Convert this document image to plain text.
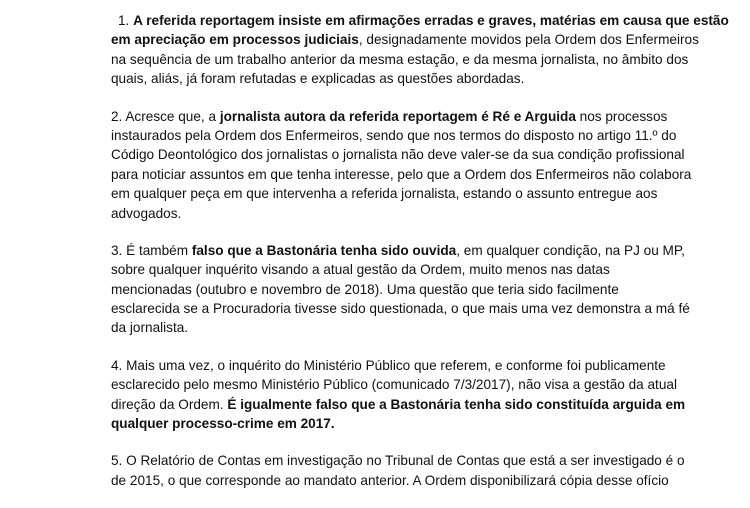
1. A referida reportagem insiste em afirmações erradas e graves, matérias em causa que estão
em apreciação em processos judiciais, designadamente movidos pela Ordem dos Enfermeiros
na sequência de um trabalho anterior da mesma estação, e da mesma jornalista, no âmbito dos
quais, aliás, já foram refutadas e explicadas as questões abordadas.
2. Acresce que, a jornalista autora da referida reportagem é Ré e Arguida nos processos
instaurados pela Ordem dos Enfermeiros, sendo que nos termos do disposto no artigo 11.º do
Código Deontológico dos jornalistas o jornalista não deve valer-se da sua condição profissional
para noticiar assuntos em que tenha interesse, pelo que a Ordem dos Enfermeiros não colabora
em qualquer peça em que intervenha a referida jornalista, estando o assunto entregue aos
advogados.
3. É também falso que a Bastonária tenha sido ouvida, em qualquer condição, na PJ ou MP,
sobre qualquer inquérito visando a atual gestão da Ordem, muito menos nas datas
mencionadas (outubro e novembro de 2018). Uma questão que teria sido facilmente
esclarecida se a Procuradoria tivesse sido questionada, o que mais uma vez demonstra a má fé
da jornalista.
4. Mais uma vez, o inquérito do Ministério Público que referem, e conforme foi publicamente
esclarecido pelo mesmo Ministério Público (comunicado 7/3/2017), não visa a gestão da atual
direção da Ordem. É igualmente falso que a Bastonária tenha sido constituída arguida em
qualquer processo-crime em 2017.
5. O Relatório de Contas em investigação no Tribunal de Contas que está a ser investigado é o
de 2015, o que corresponde ao mandato anterior. A Ordem disponibilizará cópia desse ofício
